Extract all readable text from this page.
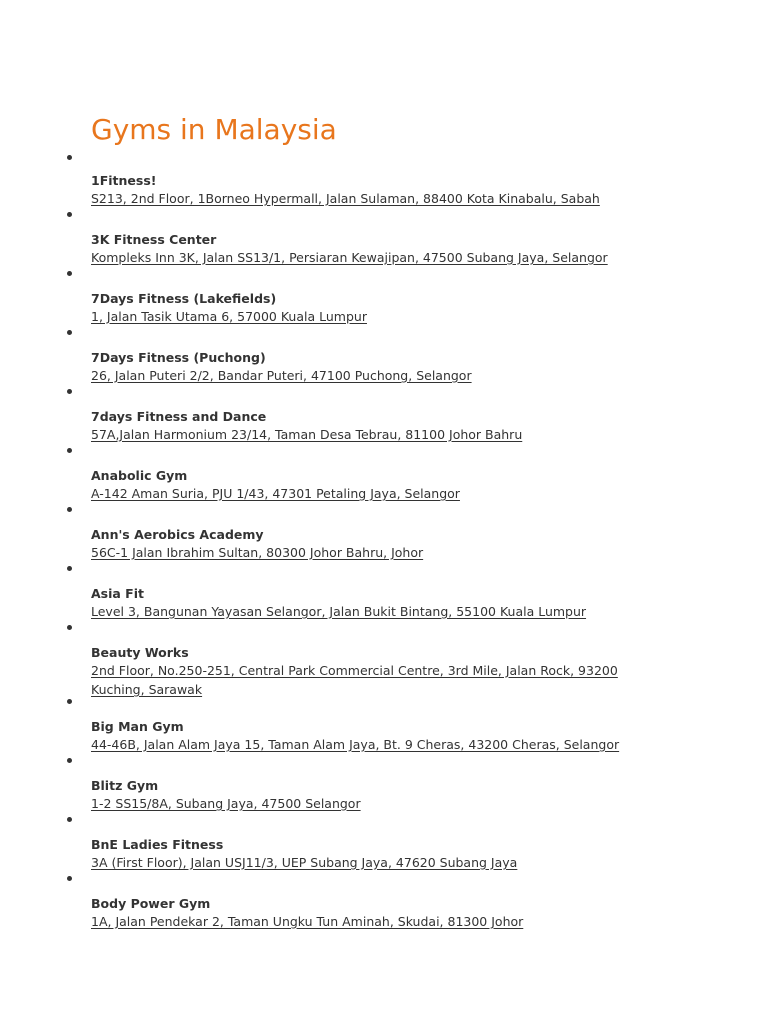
Gyms in Malaysia
1Fitness!
S213, 2nd Floor, 1Borneo Hypermall, Jalan Sulaman, 88400 Kota Kinabalu, Sabah
3K Fitness Center
Kompleks Inn 3K, Jalan SS13/1, Persiaran Kewajipan, 47500 Subang Jaya, Selangor
7Days Fitness (Lakefields)
1, Jalan Tasik Utama 6, 57000 Kuala Lumpur
7Days Fitness (Puchong)
26, Jalan Puteri 2/2, Bandar Puteri, 47100 Puchong, Selangor
7days Fitness and Dance
57A,Jalan Harmonium 23/14, Taman Desa Tebrau, 81100 Johor Bahru
Anabolic Gym
A-142 Aman Suria, PJU 1/43, 47301 Petaling Jaya, Selangor
Ann's Aerobics Academy
56C-1 Jalan Ibrahim Sultan, 80300 Johor Bahru, Johor
Asia Fit
Level 3, Bangunan Yayasan Selangor, Jalan Bukit Bintang, 55100 Kuala Lumpur
Beauty Works
2nd Floor, No.250-251, Central Park Commercial Centre, 3rd Mile, Jalan Rock, 93200 Kuching, Sarawak
Big Man Gym
44-46B, Jalan Alam Jaya 15, Taman Alam Jaya, Bt. 9 Cheras, 43200 Cheras, Selangor
Blitz Gym
1-2 SS15/8A, Subang Jaya, 47500 Selangor
BnE Ladies Fitness
3A (First Floor), Jalan USJ11/3, UEP Subang Jaya, 47620 Subang Jaya
Body Power Gym
1A, Jalan Pendekar 2, Taman Ungku Tun Aminah, Skudai, 81300 Johor
